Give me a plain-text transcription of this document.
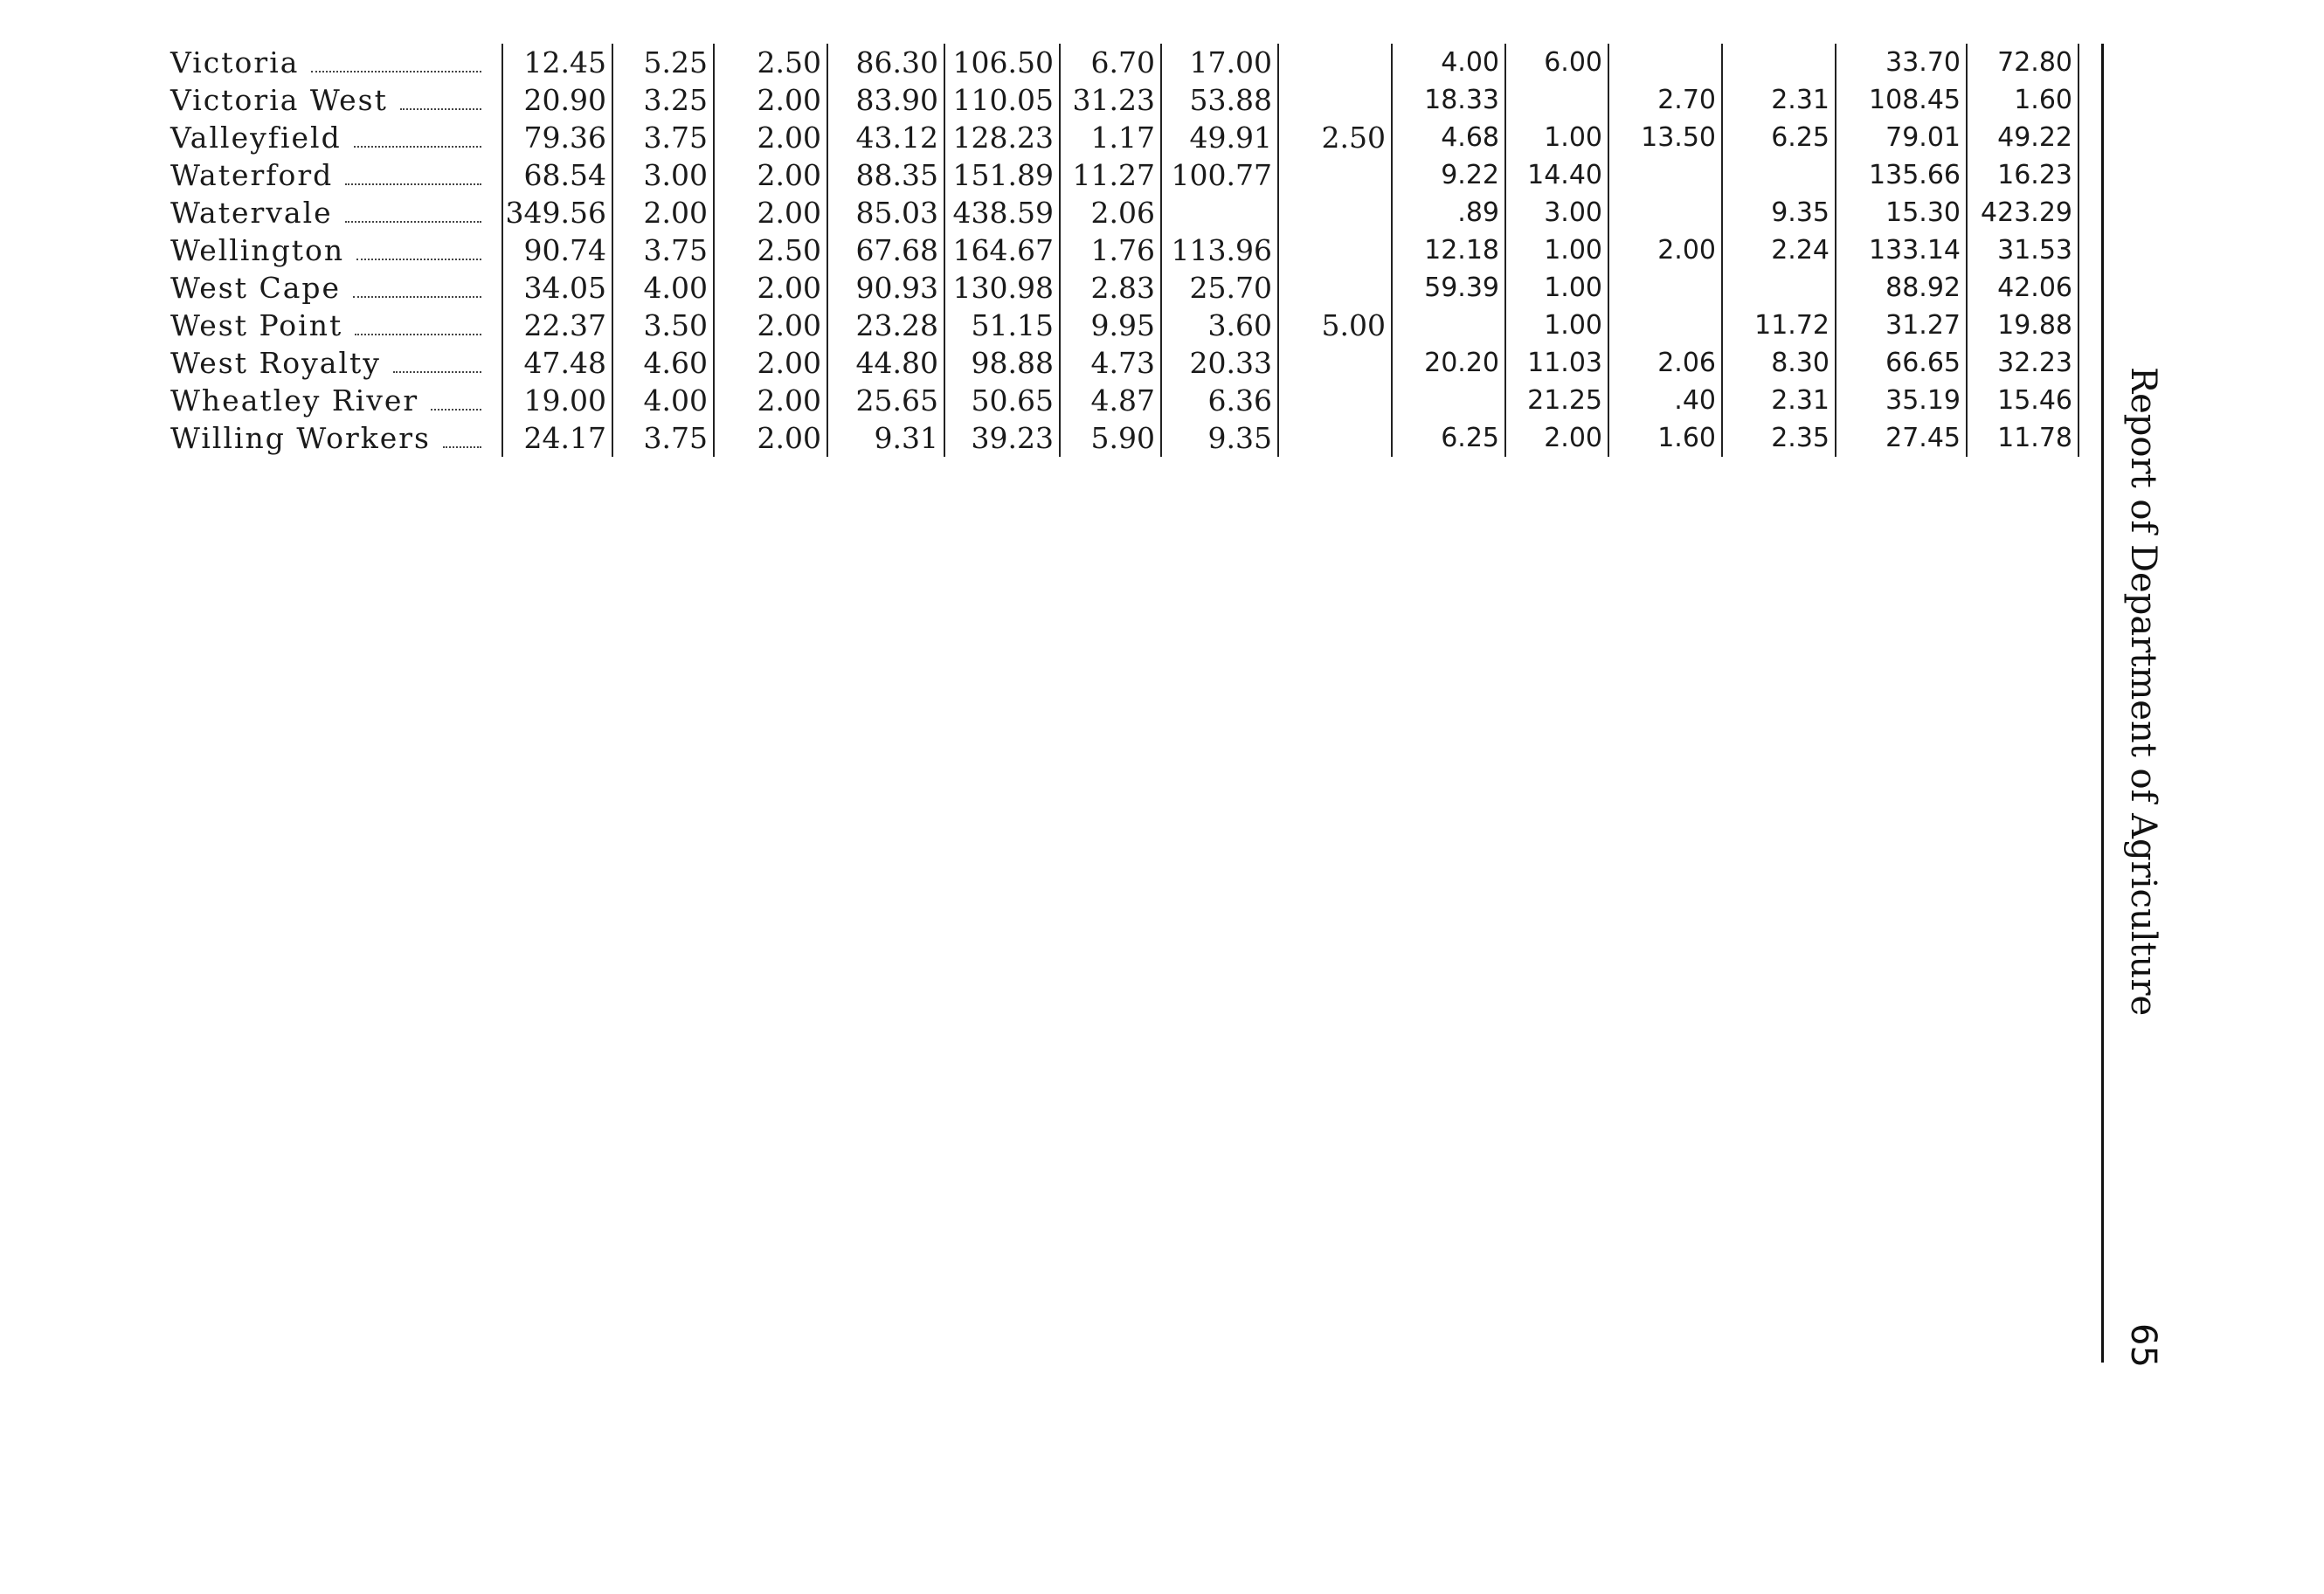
Victoria	12.45	5.25	2.50	86.30	106.50	6.70	17.00		4.00	6.00			33.70	72.80

Victoria West	20.90	3.25	2.00	83.90	110.05	31.23	53.88		18.33		2.70	2.31	108.45	1.60

Valleyfield	79.36	3.75	2.00	43.12	128.23	1.17	49.91	2.50	4.68	1.00	13.50	6.25	79.01	49.22

Waterford	68.54	3.00	2.00	88.35	151.89	11.27	100.77		9.22	14.40			135.66	16.23

Watervale	349.56	2.00	2.00	85.03	438.59	2.06			.89	3.00		9.35	15.30	423.29

Wellington	90.74	3.75	2.50	67.68	164.67	1.76	113.96		12.18	1.00	2.00	2.24	133.14	31.53

West Cape	34.05	4.00	2.00	90.93	130.98	2.83	25.70		59.39	1.00			88.92	42.06

West Point	22.37	3.50	2.00	23.28	51.15	9.95	3.60	5.00		1.00		11.72	31.27	19.88

West Royalty	47.48	4.60	2.00	44.80	98.88	4.73	20.33		20.20	11.03	2.06	8.30	66.65	32.23

Wheatley River	19.00	4.00	2.00	25.65	50.65	4.87	6.36			21.25	.40	2.31	35.19	15.46

Willing Workers	24.17	3.75	2.00	9.31	39.23	5.90	9.35		6.25	2.00	1.60	2.35	27.45	11.78 Report of Department of Agriculture
65
